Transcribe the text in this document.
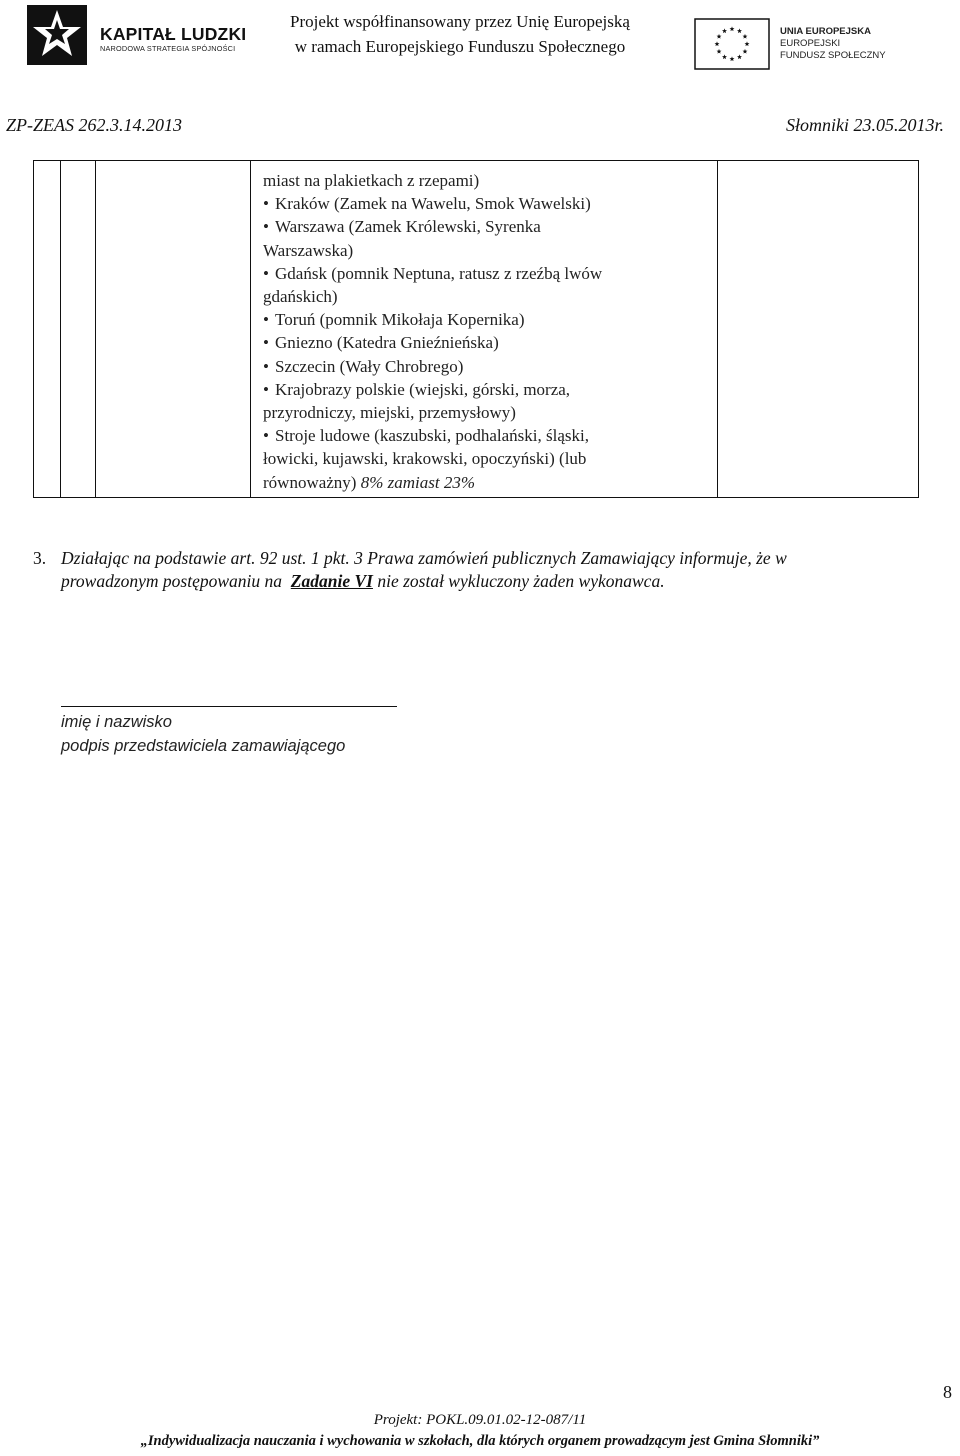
KAPITAŁ LUDZKI
NARODOWA STRATEGIA SPÓJNOŚCI
Projekt współfinansowany przez Unię Europejską
w ramach Europejskiego Funduszu Społecznego
UNIA EUROPEJSKA
EUROPEJSKI
FUNDUSZ SPOŁECZNY
ZP-ZEAS 262.3.14.2013	Słomniki 23.05.2013r.
miast na plakietkach z rzepami)
• Kraków (Zamek na Wawelu, Smok Wawelski)
• Warszawa (Zamek Królewski, Syrenka
Warszawska)
• Gdańsk (pomnik Neptuna, ratusz z rzeźbą lwów
gdańskich)
• Toruń (pomnik Mikołaja Kopernika)
• Gniezno (Katedra Gnieźnieńska)
• Szczecin (Wały Chrobrego)
• Krajobrazy polskie (wiejski, górski, morza,
przyrodniczy, miejski, przemysłowy)
• Stroje ludowe (kaszubski, podhalański, śląski,
łowicki, kujawski, krakowski, opoczyński) (lub
równoważny) 8% zamiast 23%
3. Działając na podstawie art. 92 ust. 1 pkt. 3 Prawa zamówień publicznych Zamawiający informuje, że w
prowadzonym postępowaniu na Zadanie VI nie został wykluczony żaden wykonawca.
imię i nazwisko
podpis przedstawiciela zamawiającego
8
Projekt: POKL.09.01.02-12-087/11
„Indywidualizacja nauczania i wychowania w szkołach, dla których organem prowadzącym jest Gmina Słomniki”
